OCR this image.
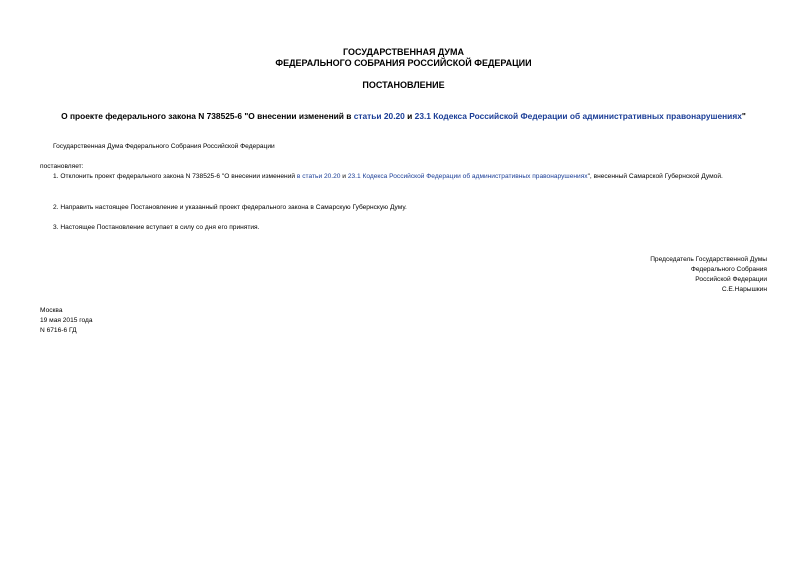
ГОСУДАРСТВЕННАЯ ДУМА
ФЕДЕРАЛЬНОГО СОБРАНИЯ РОССИЙСКОЙ ФЕДЕРАЦИИ
ПОСТАНОВЛЕНИЕ
О проекте федерального закона N 738525-6 "О внесении изменений в статьи 20.20 и 23.1 Кодекса Российской Федерации об административных правонарушениях"
Государственная Дума Федерального Собрания Российской Федерации
постановляет:
1. Отклонить проект федерального закона N 738525-6 "О внесении изменений в статьи 20.20 и 23.1 Кодекса Российской Федерации об административных правонарушениях", внесенный Самарской Губернской Думой.
2. Направить настоящее Постановление и указанный проект федерального закона в Самарскую Губернскую Думу.
3. Настоящее Постановление вступает в силу со дня его принятия.
Председатель Государственной Думы
Федерального Собрания
Российской Федерации
С.Е.Нарышкин
Москва
19 мая 2015 года
N 6716-6 ГД
